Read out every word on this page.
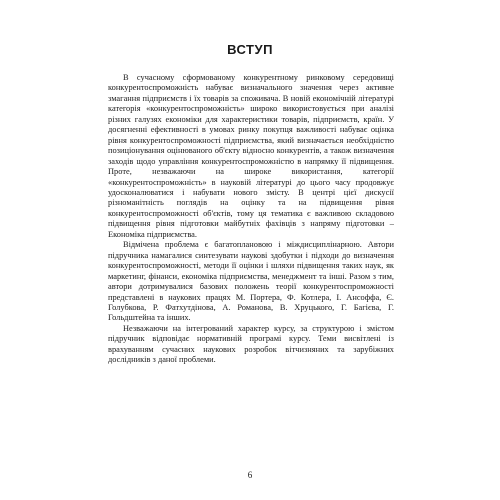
ВСТУП

В сучасному сформованому конкурентному ринковому середовищі конкурентоспроможність набуває визначального значення через активне змагання підприємств і їх товарів за споживача. В новій економічній літературі категорія «конкурентоспроможність» широко використовується при аналізі різних галузях економіки для характеристики товарів, підприємств, країн. У досягненні ефективності в умовах ринку покупця важливості набуває оцінка рівня конкурентоспроможності підприємства, який визначається необхідністю позиціонування оцінюваного об'єкту відносно конкурентів, а також визначення заходів щодо управління конкурентоспроможністю в напрямку її підвищення. Проте, незважаючи на широке використання, категорії «конкурентоспроможність» в науковій літературі до цього часу продовжує удосконалюватися і набувати нового змісту. В центрі цієї дискусії різноманітність поглядів на оцінку та на підвищення рівня конкурентоспроможності об'єктів, тому ця тематика є важливою складовою підвищення рівня підготовки майбутніх фахівців з напряму підготовки – Економіка підприємства.

Відмічена проблема є багатоплановою і міждисциплінарною. Автори підручника намагалися синтезувати наукові здобутки і підходи до визначення конкурентоспроможності, методи її оцінки і шляхи підвищення таких наук, як маркетинг, фінанси, економіка підприємства, менеджмент та інші. Разом з тим, автори дотримувалися базових положень теорії конкурентоспроможності представлені в наукових працях М. Портера, Ф. Котлера, І. Ансоффа, Є. Голубкова, Р. Фатхутдінова, А. Романова, В. Хруцького, Г. Багієва, Г. Гольдштейна та інших.

Незважаючи на інтегрований характер курсу, за структурою і змістом підручник відповідає нормативній програмі курсу. Теми висвітлені із врахуванням сучасних наукових розробок вітчизняних та зарубіжних дослідників з даної проблеми.

6
